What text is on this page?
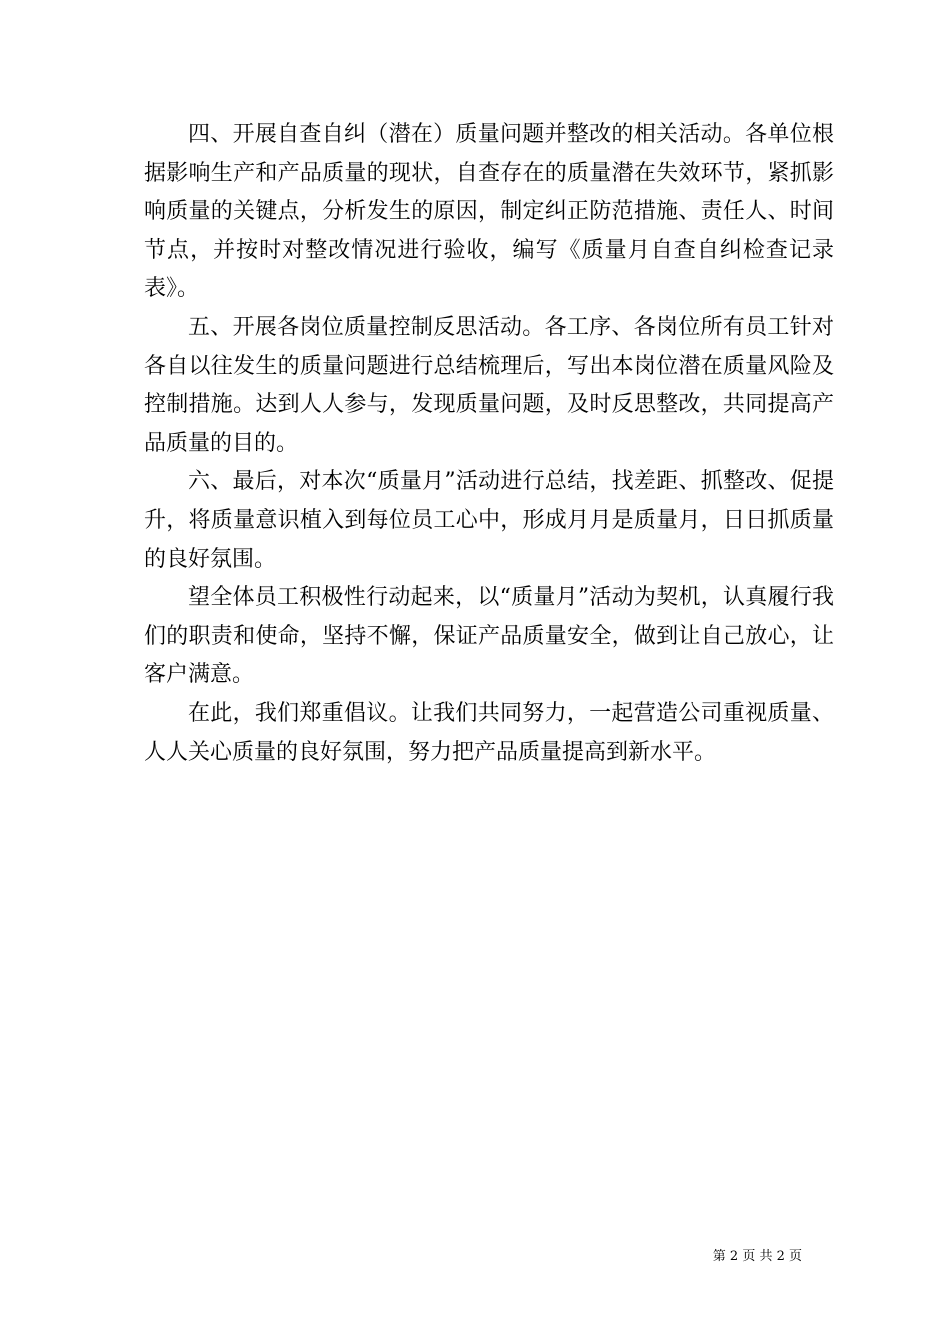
四、开展自查自纠（潜在）质量问题并整改的相关活动。各单位根据影响生产和产品质量的现状，自查存在的质量潜在失效环节，紧抓影响质量的关键点，分析发生的原因，制定纠正防范措施、责任人、时间节点，并按时对整改情况进行验收，编写《质量月自查自纠检查记录表》。

五、开展各岗位质量控制反思活动。各工序、各岗位所有员工针对各自以往发生的质量问题进行总结梳理后，写出本岗位潜在质量风险及控制措施。达到人人参与，发现质量问题，及时反思整改，共同提高产品质量的目的。

六、最后，对本次“质量月”活动进行总结，找差距、抓整改、促提升，将质量意识植入到每位员工心中，形成月月是质量月，日日抓质量的良好氛围。

望全体员工积极性行动起来，以“质量月”活动为契机，认真履行我们的职责和使命，坚持不懈，保证产品质量安全，做到让自己放心，让客户满意。

在此，我们郑重倡议。让我们共同努力，一起营造公司重视质量、人人关心质量的良好氛围，努力把产品质量提高到新水平。

第 2 页 共 2 页
